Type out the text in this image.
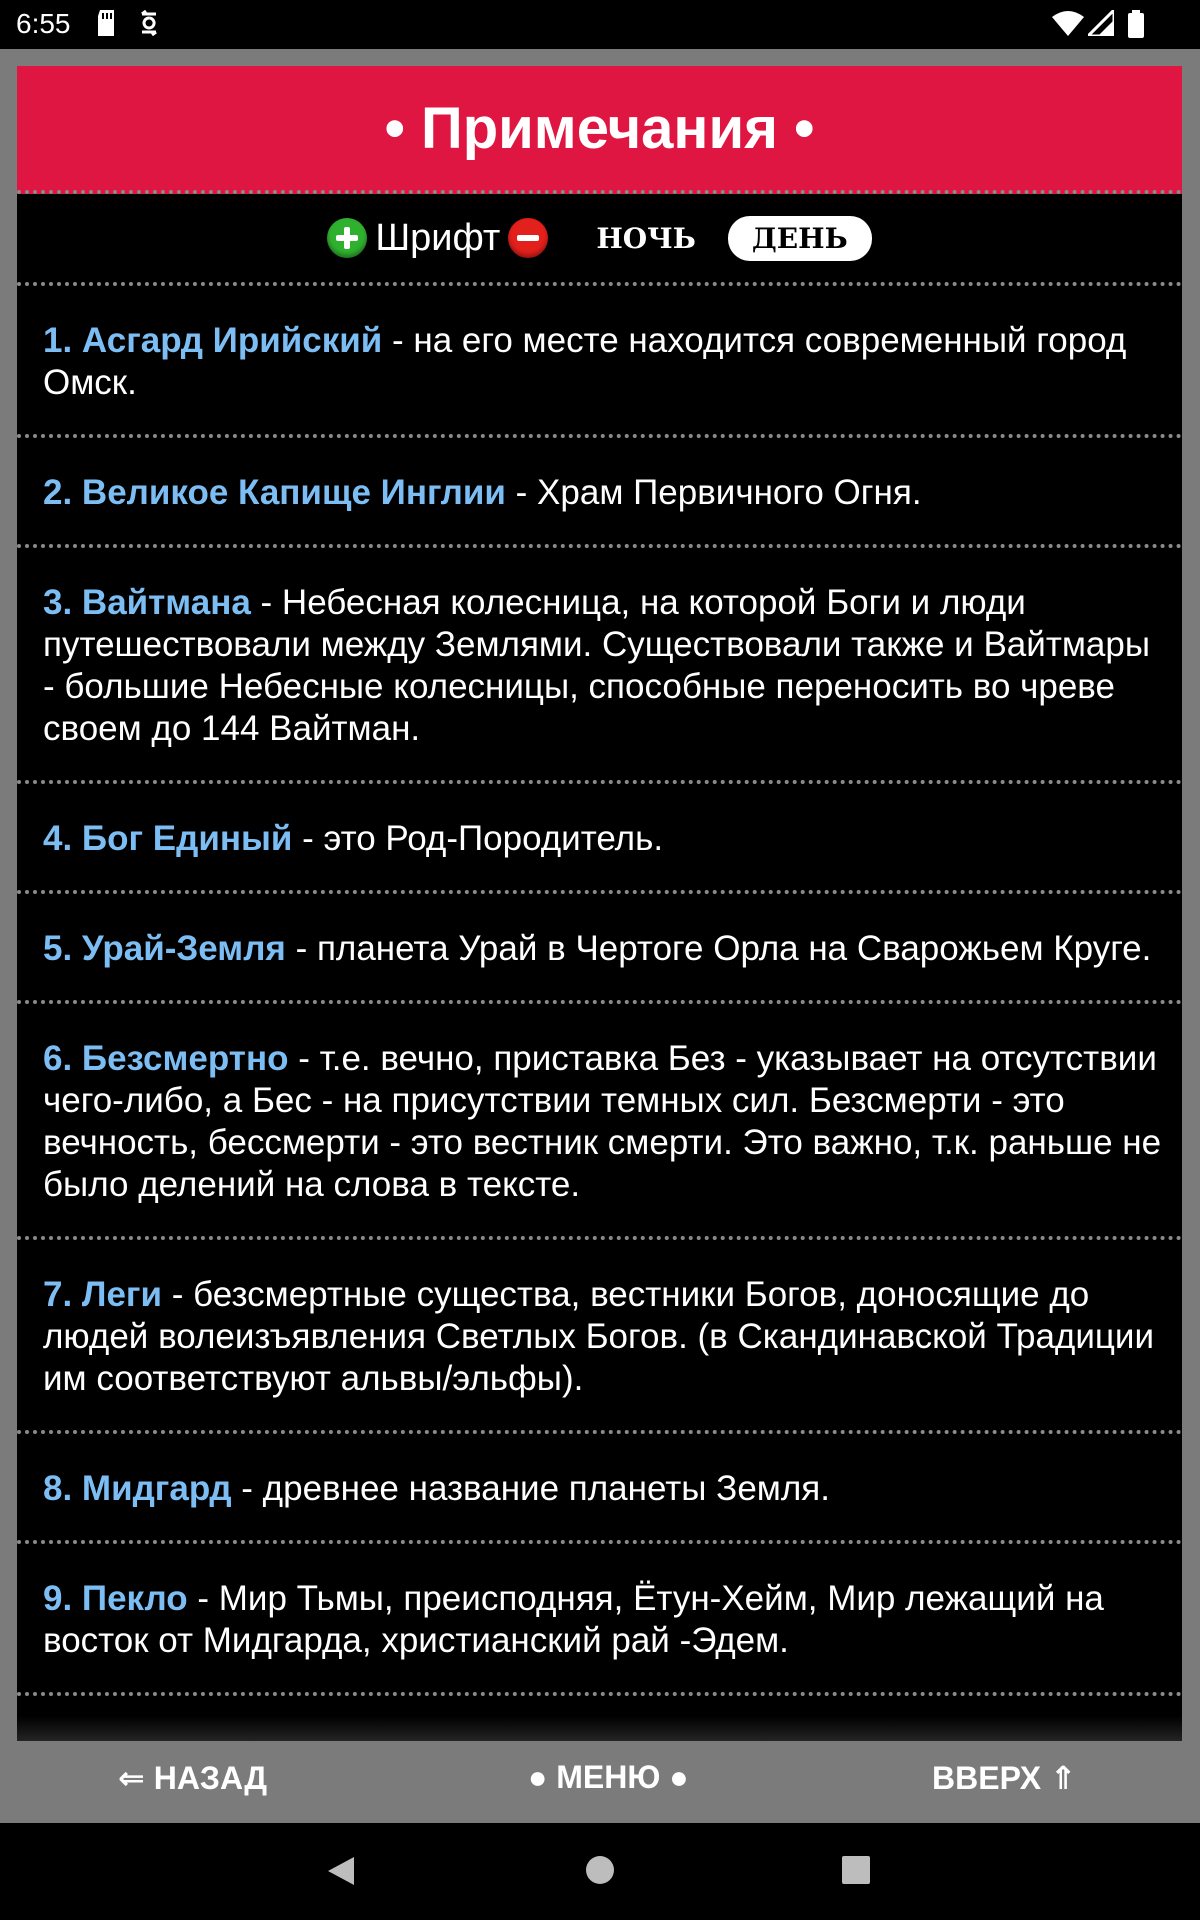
6:55
• Примечания •
Шрифт	НОЧЬ	ДЕНЬ
1. Асгард Ирийский - на его месте находится современный город Омск.
2. Великое Капище Инглии - Храм Первичного Огня.
3. Вайтмана - Небесная колесница, на которой Боги и люди путешествовали между Землями. Существовали также и Вайтмары - большие Небесные колесницы, способные переносить во чреве своем до 144 Вайтман.
4. Бог Единый - это Род-Породитель.
5. Урай-Земля - планета Урай в Чертоге Орла на Сварожьем Круге.
6. Безсмертно - т.е. вечно, приставка Без - указывает на отсутствии чего-либо, а Бес - на присутствии темных сил. Безсмерти - это вечность, бессмерти - это вестник смерти. Это важно, т.к. раньше не было делений на слова в тексте.
7. Леги - безсмертные существа, вестники Богов, доносящие до людей волеизъявления Светлых Богов. (в Скандинавской Традиции им соответствуют альвы/эльфы).
8. Мидгард - древнее название планеты Земля.
9. Пекло - Мир Тьмы, преисподняя, Ётун-Хейм, Мир лежащий на восток от Мидгарда, христианский рай -Эдем.
⇐ НАЗАД	● МЕНЮ ●	ВВЕРХ ⇑
